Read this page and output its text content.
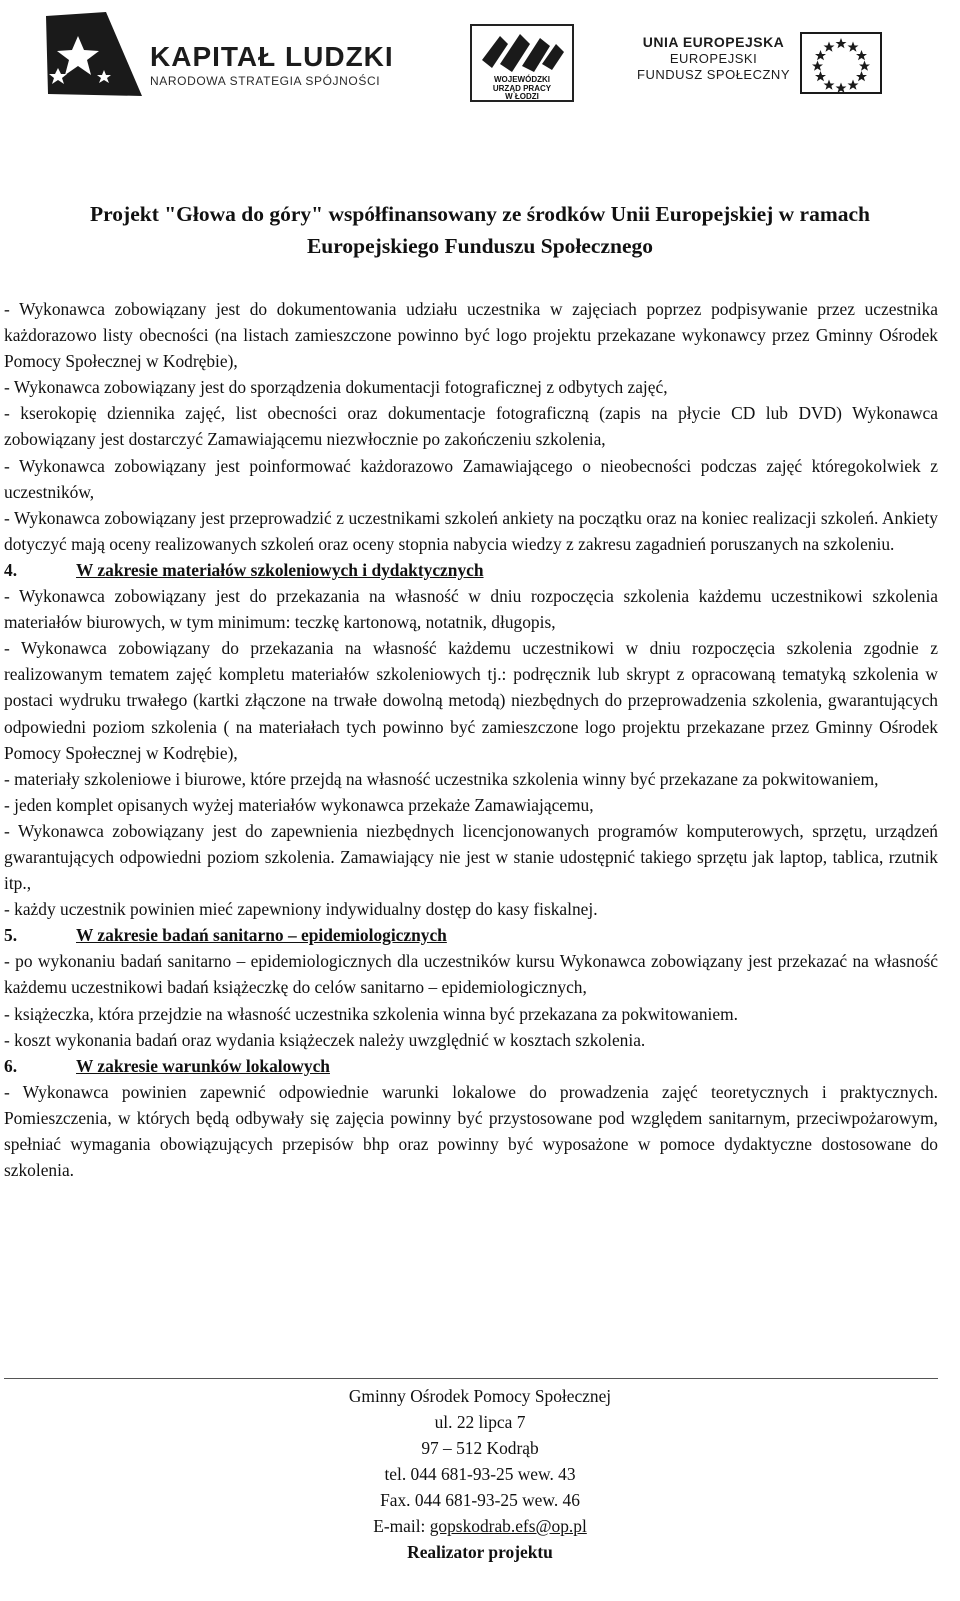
KAPITAŁ LUDZKI
NARODOWA STRATEGIA SPÓJNOŚCI	WOJEWÓDZKI
URZĄD PRACY
W ŁODZI
UNIA EUROPEJSKA
EUROPEJSKI
FUNDUSZ SPOŁECZNY
Projekt "Głowa do góry" współfinansowany ze środków Unii Europejskiej w ramach
Europejskiego Funduszu Społecznego

- Wykonawca zobowiązany jest do dokumentowania udziału uczestnika w zajęciach poprzez podpisywanie przez uczestnika każdorazowo listy obecności (na listach zamieszczone powinno być logo projektu przekazane wykonawcy przez Gminny Ośrodek Pomocy Społecznej w Kodrębie),

- Wykonawca zobowiązany jest do sporządzenia dokumentacji fotograficznej z odbytych zajęć,

- kserokopię dziennika zajęć, list obecności oraz dokumentacje fotograficzną (zapis na płycie CD lub DVD) Wykonawca zobowiązany jest dostarczyć Zamawiającemu niezwłocznie po zakończeniu szkolenia,

- Wykonawca zobowiązany jest poinformować każdorazowo Zamawiającego o nieobecności podczas zajęć któregokolwiek z uczestników,

- Wykonawca zobowiązany jest przeprowadzić z uczestnikami szkoleń ankiety na początku oraz na koniec realizacji szkoleń. Ankiety dotyczyć mają oceny realizowanych szkoleń oraz oceny stopnia nabycia wiedzy z zakresu zagadnień poruszanych na szkoleniu.

4.	W zakresie materiałów szkoleniowych i dydaktycznych

- Wykonawca zobowiązany jest do przekazania na własność w dniu rozpoczęcia szkolenia każdemu uczestnikowi szkolenia materiałów biurowych, w tym minimum: teczkę kartonową, notatnik, długopis,

- Wykonawca zobowiązany do przekazania na własność każdemu uczestnikowi w dniu rozpoczęcia szkolenia zgodnie z realizowanym tematem zajęć kompletu materiałów szkoleniowych tj.: podręcznik lub skrypt z opracowaną tematyką szkolenia w postaci wydruku trwałego (kartki złączone na trwałe dowolną metodą) niezbędnych do przeprowadzenia szkolenia, gwarantujących odpowiedni poziom szkolenia ( na materiałach tych powinno być zamieszczone logo projektu przekazane przez Gminny Ośrodek Pomocy Społecznej w Kodrębie),

- materiały szkoleniowe i biurowe, które przejdą na własność uczestnika szkolenia winny być przekazane za pokwitowaniem,

- jeden komplet opisanych wyżej materiałów wykonawca przekaże Zamawiającemu,

- Wykonawca zobowiązany jest do zapewnienia niezbędnych licencjonowanych programów komputerowych, sprzętu, urządzeń gwarantujących odpowiedni poziom szkolenia. Zamawiający nie jest w stanie udostępnić takiego sprzętu jak laptop, tablica, rzutnik itp.,

- każdy uczestnik powinien mieć zapewniony indywidualny dostęp do kasy fiskalnej.

5.	W zakresie badań sanitarno – epidemiologicznych

- po wykonaniu badań sanitarno – epidemiologicznych dla uczestników kursu Wykonawca zobowiązany jest przekazać na własność każdemu uczestnikowi badań książeczkę do celów sanitarno – epidemiologicznych,

- książeczka, która przejdzie na własność uczestnika szkolenia winna być przekazana za pokwitowaniem.

- koszt wykonania badań oraz wydania książeczek należy uwzględnić w kosztach szkolenia.

6.	W zakresie warunków lokalowych

- Wykonawca powinien zapewnić odpowiednie warunki lokalowe do prowadzenia zajęć teoretycznych i praktycznych. Pomieszczenia, w których będą odbywały się zajęcia powinny być przystosowane pod względem sanitarnym, przeciwpożarowym, spełniać wymagania obowiązujących przepisów bhp oraz powinny być wyposażone w pomoce dydaktyczne dostosowane do szkolenia.

Gminny Ośrodek Pomocy Społecznej
ul. 22 lipca 7
97 – 512 Kodrąb
tel. 044 681-93-25 wew. 43
Fax. 044 681-93-25 wew. 46
E-mail: gopskodrab.efs@op.pl
Realizator projektu
